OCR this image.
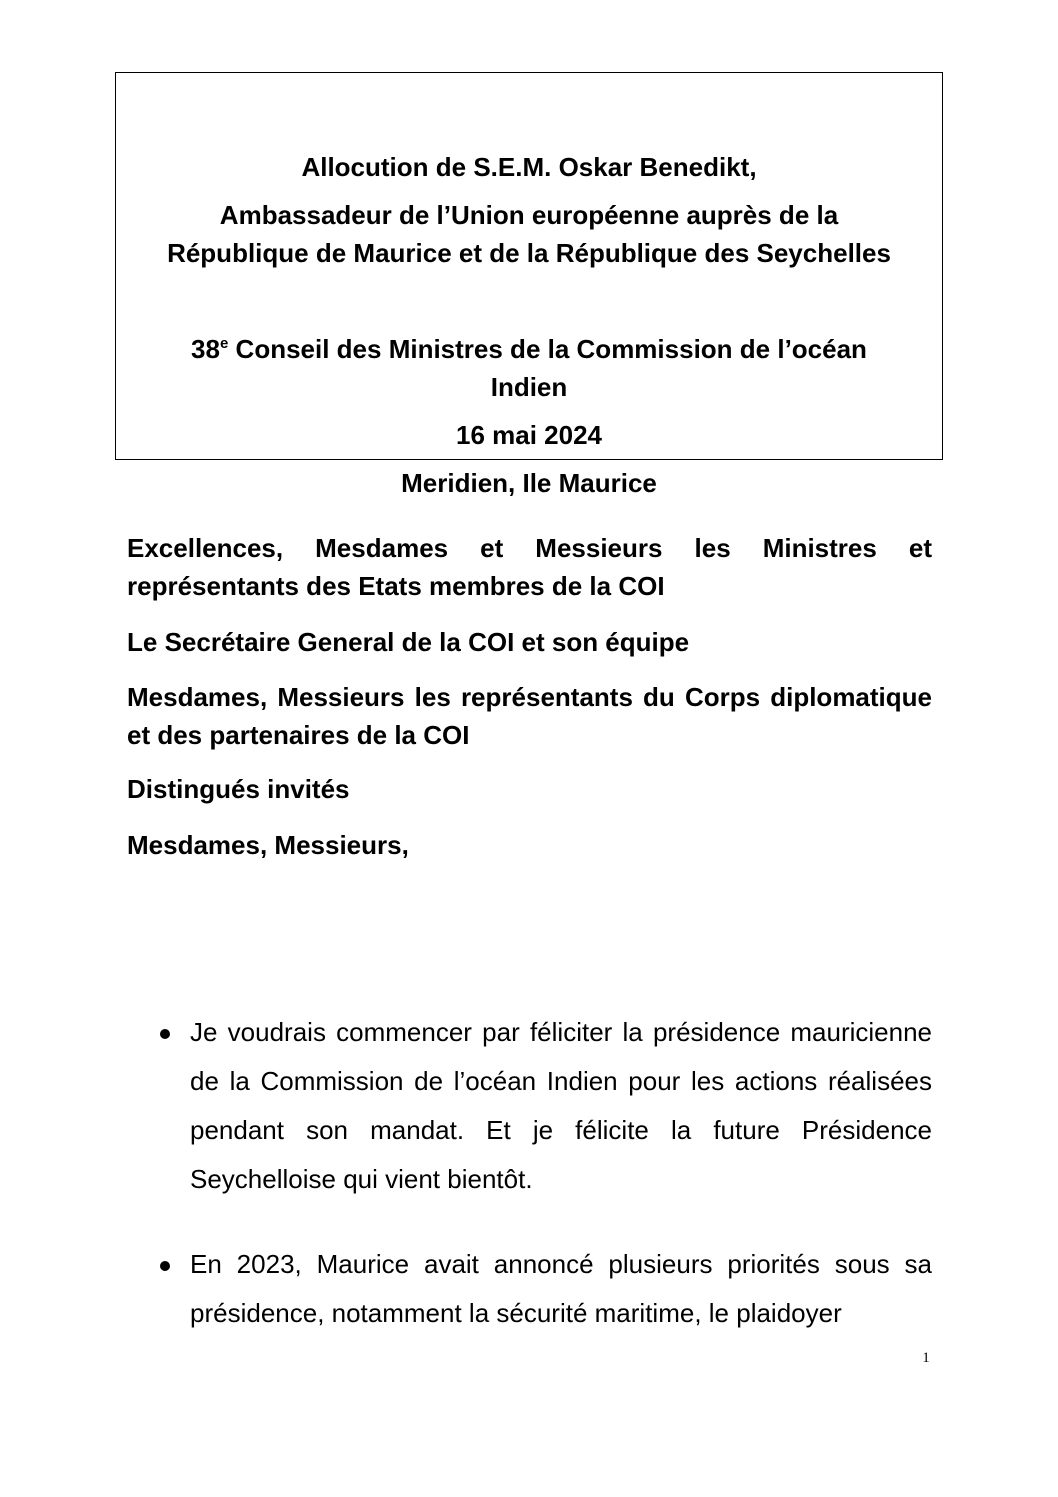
Allocution de S.E.M. Oskar Benedikt,
Ambassadeur de l’Union européenne auprès de la
République de Maurice et de la République des Seychelles
38e Conseil des Ministres de la Commission de l’océan
Indien
16 mai 2024
Meridien, Ile Maurice

Excellences, Mesdames et Messieurs les Ministres et représentants des Etats membres de la COI

Le Secrétaire General de la COI et son équipe

Mesdames, Messieurs les représentants du Corps diplomatique et des partenaires de la COI

Distingués invités

Mesdames, Messieurs,

Je voudrais commencer par féliciter la présidence mauricienne de la Commission de l’océan Indien pour les actions réalisées pendant son mandat. Et je félicite la future Présidence Seychelloise qui vient bientôt.

En 2023, Maurice avait annoncé plusieurs priorités sous sa présidence, notamment la sécurité maritime, le plaidoyer

1
